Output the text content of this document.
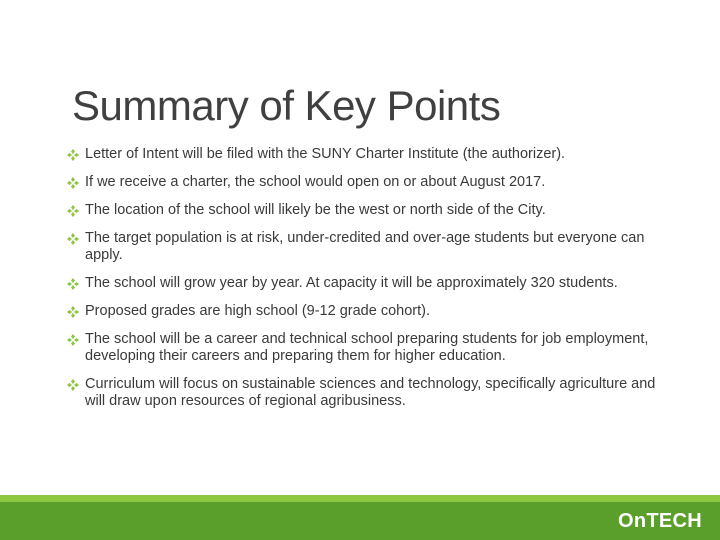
Summary of Key Points
Letter of Intent will be filed with the SUNY Charter Institute (the authorizer).
If we receive a charter, the school would open on or about August 2017.
The location of the school will likely be the west or north side of the City.
The target population is at risk, under-credited and over-age students but everyone can apply.
The school will grow year by year. At capacity it will be approximately 320 students.
Proposed grades are high school (9-12 grade cohort).
The school will be a career and technical school preparing students for job employment, developing their careers and preparing them for higher education.
Curriculum will focus on sustainable sciences and technology, specifically agriculture and will draw upon resources of regional agribusiness.
OnTECH
